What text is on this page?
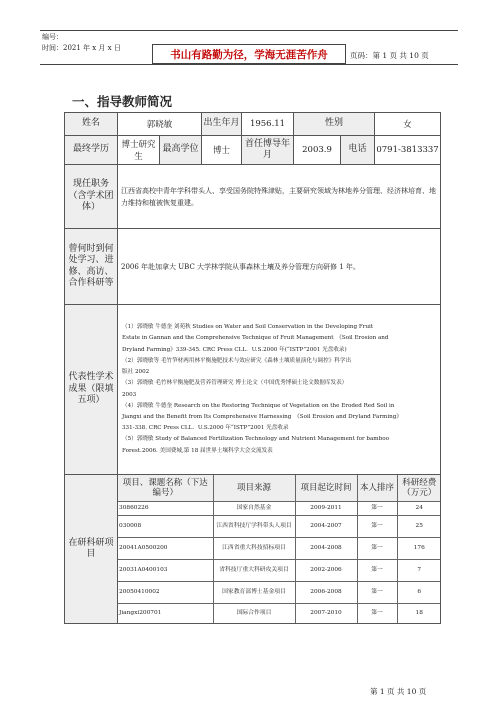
编号：
时间：2021 年 x 月 x 日
书山有路勤为径，学海无涯苦作舟	页码：第 1 页 共 10 页
一、指导教师简况
姓名	郭晓敏	出生年月	1956.11	性别	女
最终学历	博士研究生	最高学位	博士	首任博导年月	2003.9	电话	0791-3813337
现任职务（含学术团体）	江西省高校中青年学科带头人、享受国务院特殊津贴，主要研究领域为林地养分管理、经济林培育、地力维持和植被恢复重建。
曾何时到何处学习、进修、高访、合作科研等	2006 年赴加拿大 UBC 大学林学院从事森林土壤及养分管理方向研修 1 年。
代表性学术成果（限填五项）	
（1）郭晓敏 牛德奎 刘苑秋 Studies on Water and Soil Conservation in the Developing Fruit
Estate in Gannan and the Comprehensive Technique of Fruit Management　《Soil Erosion and
Dryland Farming》339-345. CRC Press CLL．U.S.2000 年(“ISTP”2001 光盘收录)
（2）郭晓敏等 毛竹笋材两用林平衡施肥技术与效应研究《森林土壤质量演化与调控》科学出
版社 2002
（3）郭晓敏 毛竹林平衡施肥及营养管理研究 博士论文（中国优秀博硕士论文数据库发表）
2003
（4）郭晓敏 牛德奎 Research on the Restoring Technique of Vegetation on the Eroded Red Soil in
Jiangxi and the Benefit from Its Comprehensive Harnessing　《Soil Erosion and Dryland Farming》
331-338. CRC Press CLL．U.S.2000 年“ISTP”2001 光盘收录
（5）郭晓敏 Study of Balanced Fertilization Technology and Nutrient Management for bamboo
Forest.2006. 美国费城,第 18 届世界土壤科学大会交流发表

在研科研项目	
项目、课题名称（下达编号）	项目来源	项目起讫时间	本人排序	科研经费（万元）
30860226	国家自然基金	2009-2011	第一	24
030008	江西省科技厅学科带头人项目	2004-2007	第一	25
20041A0500200	江西省重大科技招标项目	2004-2008	第一	176
20031A0400103	省科技厅重大科研攻关项目	2002-2006	第一	7
20050410002	国家教育部博士基金项目	2006-2008	第一	6
Jiangxi200701	国际合作项目	2007-2010	第一	18
第 1 页 共 10 页
